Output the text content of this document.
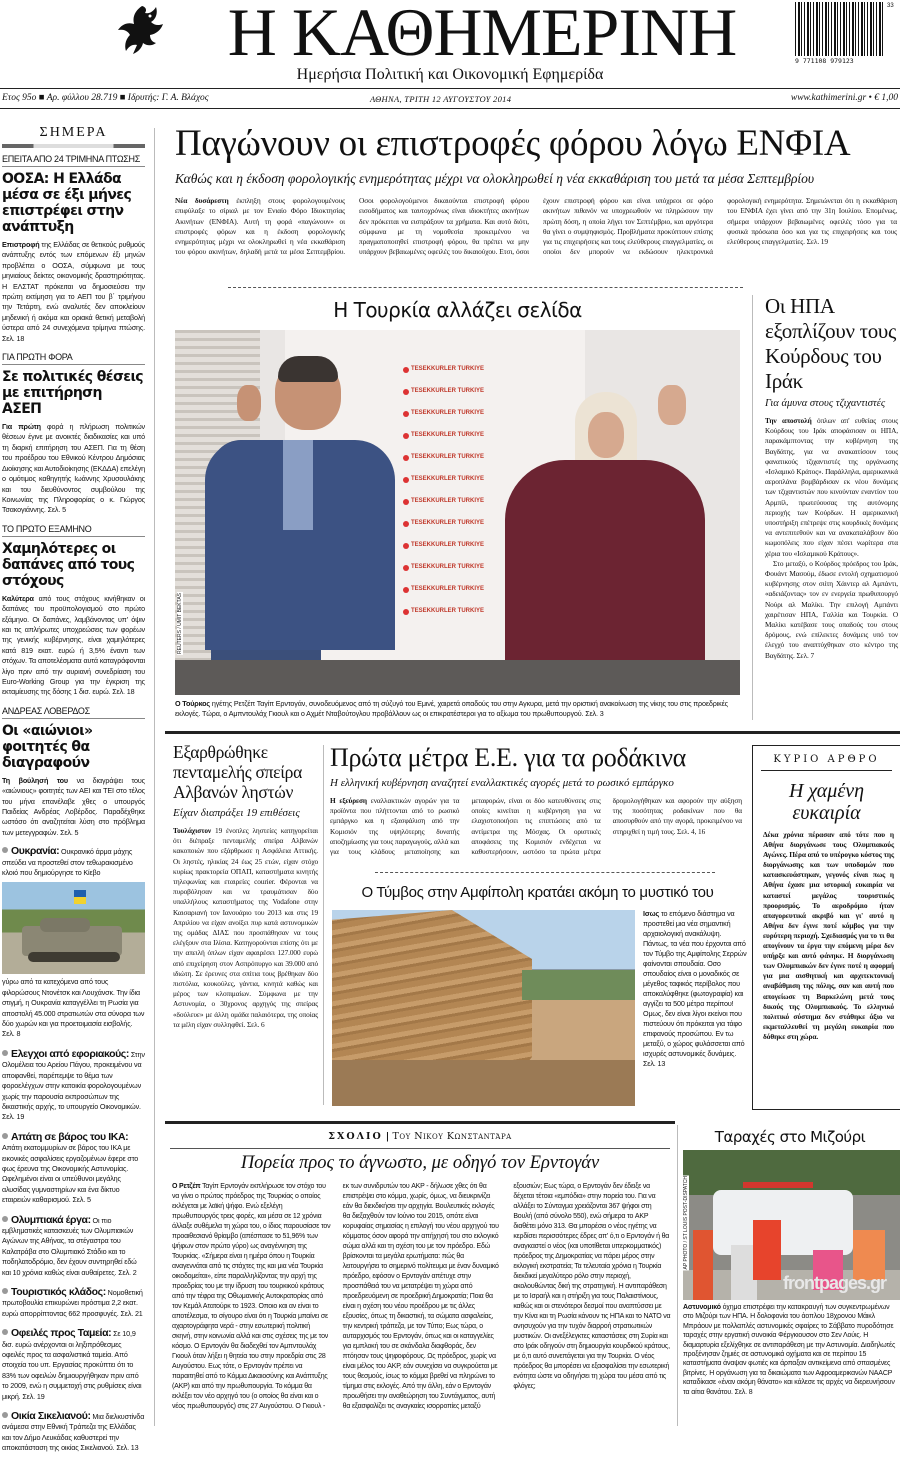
Η ΚΑΘΗΜΕΡΙΝΗ	33
9 771108 979123
Ημερήσια Πολιτική και Οικονομική Εφημερίδα
Ετος 95ο ■ Αρ. φύλλου 28.719 ■ Ιδρυτής: Γ. Α. Βλάχος	ΑΘΗΝΑ, ΤΡΙΤΗ 12 ΑΥΓΟΥΣΤΟΥ 2014	www.kathimerini.gr • € 1,00
ΣΗΜΕΡΑ
ΕΠΕΙΤΑ ΑΠΟ 24 ΤΡΙΜΗΝΑ ΠΤΩΣΗΣ
ΟΟΣΑ: Η Ελλάδα μέσα σε έξι μήνες επιστρέφει στην ανάπτυξη
Επιστροφή της Ελλάδας σε θετικούς ρυθμούς ανάπτυξης εντός των επόμενων έξι μηνών προβλέπει ο ΟΟΣΑ, σύμφωνα με τους μηνιαίους δείκτες οικονομικής δραστηριότητας. Η ΕΛΣΤΑΤ πρόκειται να δημοσιεύσει την πρώτη εκτίμηση για το ΑΕΠ του β΄ τριμήνου την Τετάρτη, ενώ αναλυτές δεν αποκλείουν μηδενική ή ακόμα και οριακά θετική μεταβολή ύστερα από 24 συνεχόμενα τρίμηνα πτώσης. Σελ. 18
ΓΙΑ ΠΡΩΤΗ ΦΟΡΑ
Σε πολιτικές θέσεις με επιτήρηση ΑΣΕΠ
Για πρώτη φορά η πλήρωση πολιτικών θέσεων έγινε με ανοικτές διαδικασίες και υπό τη διαρκή επιτήρηση του ΑΣΕΠ. Για τη θέση του προέδρου του Εθνικού Κέντρου Δημόσιας Διοίκησης και Αυτοδιοίκησης (ΕΚΔΔΑ) επελέγη ο ομότιμος καθηγητής Ιωάννης Χρυσουλάκης και του διευθύνοντος συμβούλου της Κοινωνίας της Πληροφορίας ο κ. Γιώργος Τσακογιάννης. Σελ. 5
ΤΟ ΠΡΩΤΟ ΕΞΑΜΗΝΟ
Χαμηλότερες οι δαπάνες από τους στόχους
Καλύτερα από τους στόχους κινήθηκαν οι δαπάνες του προϋπολογισμού στο πρώτο εξάμηνο. Οι δαπάνες, λαμβάνοντας υπ' όψιν και τις απλήρωτες υποχρεώσεις των φορέων της γενικής κυβέρνησης, είναι χαμηλότερες κατά 819 εκατ. ευρώ ή 3,5% έναντι των στόχων. Τα αποτελέσματα αυτά καταγράφονται λίγο πριν από την αυριανή συνεδρίαση του Euro-Working Group για την έγκριση της εκταμίευσης της δόσης 1 δισ. ευρώ. Σελ. 18
ΑΝΔΡΕΑΣ ΛΟΒΕΡΔΟΣ
Οι «αιώνιοι» φοιτητές θα διαγραφούν
Τη βούλησή του να διαγράψει τους «αιώνιους» φοιτητές των ΑΕΙ και ΤΕΙ στο τέλος του μήνα επανέλαβε χθες ο υπουργός Παιδείας Ανδρέας Λοβέρδος. Παραδέχθηκε ωστόσο ότι αναζητείται λύση στο πρόβλημα των μετεγγραφών. Σελ. 5
Ουκρανία: Ουκρανικό άρμα μάχης σπεύδει να προστεθεί στον τεθωρακισμένο κλοιό που δημιούργησε το Κίεβο
γύρω από τα κατεχόμενα από τους φιλορώσους Ντονέτσκ και Λουχάνσκ. Την ίδια στιγμή, η Ουκρανία καταγγέλλει τη Ρωσία για αποστολή 45.000 στρατιωτών στα σύνορα των δύο χωρών και για προετοιμασία εισβολής. Σελ. 8
Ελεγχοι από εφοριακούς: Στην Ολομέλεια του Αρείου Πάγου, προκειμένου να αποφανθεί, παρέπεμψε το θέμα των φοροελέγχων στην κατοικία φορολογουμένων χωρίς την παρουσία εκπροσώπων της δικαστικής αρχής, το υπουργείο Οικονομικών. Σελ. 19
Απάτη σε βάρος του ΙΚΑ: Απάτη εκατομμυρίων σε βάρος του ΙΚΑ με εικονικές ασφαλίσεις εργαζομένων έφερε στο φως έρευνα της Οικονομικής Αστυνομίας. Ωφελημένοι είναι οι υπεύθυνοι μεγάλης αλυσίδας γυμναστηρίων και ένα δίκτυο εταιρειών καθαρισμού. Σελ. 5
Ολυμπιακά έργα: Οι πιο εμβληματικές κατασκευές των Ολυμπιακών Αγώνων της Αθήνας, τα στέγαστρα του Καλατράβα στο Ολυμπιακό Στάδιο και το ποδηλατοδρόμιο, δεν έχουν συντηρηθεί εδώ και 10 χρόνια καθώς είναι αυθαίρετες. Σελ. 2
Τουριστικός κλάδος: Νομοθετική πρωτοβουλία επικυρώνει πρόστιμα 2,2 εκατ. ευρώ απορρίπτοντας 662 προσφυγές. Σελ. 21
Οφειλές προς Ταμεία: Σε 10,9 δισ. ευρώ ανέρχονται οι ληξιπρόθεσμες οφειλές προς τα ασφαλιστικά ταμεία. Από στοιχεία του υπ. Εργασίας προκύπτει ότι το 83% των οφειλών δημιουργήθηκαν πριν από το 2009, ενώ η συμμετοχή στις ρυθμίσεις είναι μικρή. Σελ. 19
Οικία Σικελιανού: Μια διελκυστίνδα ανάμεσα στην Εθνική Τράπεζα της Ελλάδας και τον Δήμο Λευκάδας καθυστερεί την αποκατάσταση της οικίας Σικελιανού. Σελ. 13
Παγώνουν οι επιστροφές φόρου λόγω ΕΝΦΙΑ
Καθώς και η έκδοση φορολογικής ενημερότητας μέχρι να ολοκληρωθεί η νέα εκκαθάριση του μετά τα μέσα Σεπτεμβρίου
Νέα δυσάρεστη έκπληξη στους φορολογουμένους επιφύλαξε το σίριαλ με τον Ενιαίο Φόρο Ιδιοκτησίας Ακινήτων (ΕΝΦΙΑ). Αυτή τη φορά «παγώνουν» οι επιστροφές φόρων και η έκδοση φορολογικής ενημερότητας μέχρι να ολοκληρωθεί η νέα εκκαθάριση του φόρου ακινήτων, δηλαδή μετά τα μέσα Σεπτεμβρίου. Οσοι φορολογούμενοι δικαιούνται επιστροφή φόρου εισοδήματος και ταυτοχρόνως είναι ιδιοκτήτες ακινήτων δεν πρόκειται να εισπράξουν τα χρήματα. Και αυτό διότι, σύμφωνα με τη νομοθεσία προκειμένου να πραγματοποιηθεί επιστροφή φόρου, θα πρέπει να μην υπάρχουν βεβαιωμένες οφειλές του δικαιούχου. Ετσι, όσοι έχουν επιστροφή φόρου και είναι υπόχρεοι σε φόρο ακινήτων πιθανόν να υποχρεωθούν να πληρώσουν την πρώτη δόση, η οποία λήγει τον Σεπτέμβριο, και αργότερα θα γίνει ο συμψηφισμός. Προβλήματα προκύπτουν επίσης για τις επιχειρήσεις και τους ελεύθερους επαγγελματίες, οι οποίοι δεν μπορούν να εκδώσουν ηλεκτρονικά φορολογική ενημερότητα. Σημειώνεται ότι η εκκαθάριση του ΕΝΦΙΑ έχει γίνει από την 31η Ιουλίου. Επομένως, σήμερα υπάρχουν βεβαιωμένες οφειλές τόσο για τα φυσικά πρόσωπα όσο και για τις επιχειρήσεις και τους ελεύθερους επαγγελματίες. Σελ. 19
Η Τουρκία αλλάζει σελίδα
TESEKKURLER TURKIYE
TESEKKURLER TURKIYE
TESEKKURLER TURKIYE
TESEKKURLER TURKIYE
TESEKKURLER TURKIYE
TESEKKURLER TURKIYE
TESEKKURLER TURKIYE
TESEKKURLER TURKIYE
TESEKKURLER TURKIYE
TESEKKURLER TURKIYE
TESEKKURLER TURKIYE
TESEKKURLER TURKIYE
REUTERS / UMIT BEKTAS
Ο Τούρκος ηγέτης Ρετζέπ Ταγίπ Ερντογάν, συνοδευόμενος από τη σύζυγό του Εμινέ, χαιρετά οπαδούς του στην Αγκυρα, μετά την οριστική ανακοίνωση της νίκης του στις προεδρικές εκλογές. Τώρα, ο Αμπντουλάχ Γκιουλ και ο Αχμέτ Νταβούτογλου προβάλλουν ως οι επικρατέστεροι για το αξίωμα του πρωθυπουργού. Σελ. 3
Οι ΗΠΑ εξοπλίζουν τους Κούρδους του Ιράκ
Για άμυνα στους τζιχαντιστές
Την αποστολή όπλων απ' ευθείας στους Κούρδους του Ιράκ αποφάσισαν οι ΗΠΑ, παρακάμπτοντας την κυβέρνηση της Βαγδάτης, για να ανακαιτίσουν τους φανατικούς τζιχαντιστές της οργάνωσης «Ισλαμικό Κράτος». Παράλληλα, αμερικανικά αεροπλάνα βομβάρδισαν εκ νέου δυνάμεις των τζιχαντιστών που κινούνταν εναντίον του Αρμπίλ, πρωτεύουσας της αυτόνομης περιοχής των Κούρδων. Η αμερικανική υποστήριξη επέτρεψε στις κουρδικές δυνάμεις να αντεπιτεθούν και να ανακαταλάβουν δύο κωμοπόλεις που είχαν πέσει νωρίτερα στα χέρια του «Ισλαμικού Κράτους».
Στο μεταξύ, ο Κούρδος πρόεδρος του Ιράκ, Φουάντ Μασούμ, έδωσε εντολή σχηματισμού κυβέρνησης στον σιίτη Χάιντερ αλ Αμπάντι, «αδειάζοντας» τον εν ενεργεία πρωθυπουργό Νούρι αλ Μαλίκι. Την επιλογή Αμπάντι χαιρέτισαν ΗΠΑ, Γαλλία και Τουρκία. Ο Μαλίκι κατέβασε τους οπαδούς του στους δρόμους, ενώ επίλεκτες δυνάμεις υπό τον έλεγχό του αναπτύχθηκαν στο κέντρο της Βαγδάτης. Σελ. 7
Εξαρθρώθηκε πενταμελής σπείρα Αλβανών ληστών
Είχαν διαπράξει 19 επιθέσεις
Τουλάχιστον 19 ένοπλες ληστείες κατηγορείται ότι διέπραξε πενταμελής σπείρα Αλβανών κακοποιών που εξάρθρωσε η Ασφάλεια Αττικής. Οι ληστές, ηλικίας 24 έως 25 ετών, είχαν στόχο κυρίως πρακτορεία ΟΠΑΠ, καταστήματα κινητής τηλεφωνίας και εταιρείες courier. Φέρονται να πυροβόλησαν και να τραυμάτισαν δύο υπαλλήλους καταστήματος της Vodafone στην Καισαριανή τον Ιανουάριο του 2013 και στις 19 Απριλίου να είχαν ανοίξει πυρ κατά αστυνομικών της ομάδας ΔΙΑΣ που προσπάθησαν να τους ελέγξουν στα Ιλίσια. Κατηγορούνται επίσης ότι με την απειλή όπλων είχαν αφαιρέσει 127.000 ευρώ από επιχείρηση στον Ασπρόπυργο και 39.000 από ιδιώτη. Σε έρευνες στα σπίτια τους βρέθηκαν δύο πιστόλια, κουκούλες, γάντια, κινητά καθώς και μέρος των κλοπιμαίων. Σύμφωνα με την Αστυνομία, ο 30χρονος αρχηγός της σπείρας «δούλευε» με άλλη ομάδα παλαιότερα, της οποίας τα μέλη είχαν συλληφθεί. Σελ. 6
Πρώτα μέτρα Ε.Ε. για τα ροδάκινα
Η ελληνική κυβέρνηση αναζητεί εναλλακτικές αγορές μετά το ρωσικό εμπάργκο
Η εξεύρεση εναλλακτικών αγορών για τα προϊόντα που πλήττονται από το ρωσικό εμπάργκο και η εξασφάλιση από την Κομισιόν της υψηλότερης δυνατής αποζημίωσης για τους παραγωγούς, αλλά και για τους κλάδους μεταποίησης και μεταφορών, είναι οι δύο κατευθύνσεις στις οποίες κινείται η κυβέρνηση για να ελαχιστοποιήσει τις επιπτώσεις από τα αντίμετρα της Μόσχας. Οι οριστικές αποφάσεις της Κομισιόν ενδέχεται να καθυστερήσουν, ωστόσο τα πρώτα μέτρα δρομολογήθηκαν και αφορούν την αύξηση της ποσότητας ροδακίνων που θα αποσυρθούν από την αγορά, προκειμένου να στηριχθεί η τιμή τους. Σελ. 4, 16
Ο Τύμβος στην Αμφίπολη κρατάει ακόμη το μυστικό του
Ισως το επόμενο διάστημα να προστεθεί μια νέα σημαντική αρχαιολογική ανακάλυψη. Πάντως, τα νέα που έρχονται από τον Τύμβο της Αμφίπολης Σερρών φαίνονται σπουδαία. Οσο σπουδαίος είναι ο μοναδικός σε μέγεθος ταφικός περίβολος που αποκαλύφθηκε (φωτογραφία) και αγγίζει τα 500 μέτρα περίπου! Ομως, δεν είναι λίγοι εκείνοι που πιστεύουν ότι πρόκειται για τάφο επιφανούς προσώπου. Εν τω μεταξύ, ο χώρος φυλάσσεται από ισχυρές αστυνομικές δυνάμεις. Σελ. 13
ΚΥΡΙΟ ΑΡΘΡΟ
Η χαμένη ευκαιρία
Δέκα χρόνια πέρασαν από τότε που η Αθήνα διοργάνωσε τους Ολυμπιακούς Αγώνες. Πέρα από το υπέρογκο κόστος της διοργάνωσης και των υποδομών που κατασκευάστηκαν, γεγονός είναι πως η Αθήνα έχασε μια ιστορική ευκαιρία να καταστεί μεγάλος τουριστικός προορισμός. Το αεροδρόμιο ήταν απαγορευτικά ακριβό και γι' αυτό η Αθήνα δεν έγινε ποτέ κόμβος για την ευρύτερη περιοχή. Σχεδιασμός για το τι θα απογίνουν τα έργα την επόμενη μέρα δεν υπήρξε και αυτό φάνηκε. Η διοργάνωση των Ολυμπιακών δεν έγινε ποτέ η αφορμή για μια αισθητική και αρχιτεκτονική αναβάθμιση της πόλης, σαν και αυτή που απογείωσε τη Βαρκελώνη μετά τους δικούς της Ολυμπιακούς. Το ελληνικό πολιτικό σύστημα δεν στάθηκε άξιο να εκμεταλλευθεί τη μεγάλη ευκαιρία που δόθηκε στη χώρα.
ΣΧΟΛΙΟ | Του Νικου Κωνσταντάρα
Πορεία προς το άγνωστο, με οδηγό τον Ερντογάν
Ο Ρετζέπ Ταγίπ Ερντογάν εκπλήρωσε τον στόχο του να γίνει ο πρώτος πρόεδρος της Τουρκίας ο οποίος εκλέγεται με λαϊκή ψήφο. Ενώ εξελέγη πρωθυπουργός τρεις φορές, και μέσα σε 12 χρόνια άλλαξε συθέμελα τη χώρα του, ο ίδιος παρουσίασε τον προαιθεσιανό θρίαμβο (απέσπασε το 51,96% των ψήφων στον πρώτο γύρο) ως αναγέννηση της Τουρκίας. «Σήμερα είναι η ημέρα όπου η Τουρκία αναγεννάται από τις στάχτες της και μια νέα Τουρκία οικοδομείται», είπε παραλληλίζοντας την αρχή της προεδρίας του με την ίδρυση του τουρκικού κράτους από την τέφρα της Οθωμανικής Αυτοκρατορίας από τον Κεμάλ Ατατούρκ το 1923. Οποιο και αν είναι το αποτέλεσμα, το σίγουρο είναι ότι η Τουρκία μπαίνει σε αχαρτογράφητα νερά - στην εσωτερική πολιτική σκηνή, στην κοινωνία αλλά και στις σχέσεις της με τον κόσμο. Ο Ερντογάν θα διαδεχθεί τον Αμπντουλάχ Γκιουλ όταν λήξει η θητεία του στην προεδρία στις 28 Αυγούστου. Εως τότε, ο Ερντογάν πρέπει να παραιτηθεί από το Κόμμα Δικαιοσύνης και Ανάπτυξης (AKP) και από την πρωθυπουργία. Το κόμμα θα εκλέξει τον νέο αρχηγό του (ο οποίος θα είναι και ο νέος πρωθυπουργός) στις 27 Αυγούστου. Ο Γκιουλ - εκ των συνιδρυτών του AKP - δήλωσε χθες ότι θα επιστρέψει στο κόμμα, χωρίς, όμως, να διευκρινίζει εάν θα διεκδικήσει την αρχηγία. Βουλευτικές εκλογές θα διεξαχθούν τον Ιούνιο του 2015, οπότε είναι κορυφαίας σημασίας η επιλογή του νέου αρχηγού του κόμματος όσον αφορά την απήχησή του στο εκλογικό σώμα αλλά και τη σχέση του με τον πρόεδρο. Εδώ βρίσκονται τα μεγάλα ερωτήματα: πώς θα λειτουργήσει το σημερινό πολίτευμα με έναν δυναμικό πρόεδρο, εφόσον ο Ερντογάν απέτυχε στην προσπάθειά του να μετατρέψει τη χώρα από προεδρευόμενη σε προεδρική Δημοκρατία; Ποια θα είναι η σχέση του νέου προέδρου με τις άλλες εξουσίες, όπως τη δικαστική, τα σώματα ασφαλείας, την κεντρική τράπεζα, με τον Τύπο; Εως τώρα, ο αυταρχισμός του Ερντογάν, όπως και οι καταγγελίες για εμπλοκή του σε σκάνδαλα διαφθοράς, δεν πτόησαν τους ψηφοφόρους. Ως πρόεδρος, χωρίς να είναι μέλος του AKP, εάν συνεχίσει να συγκρούεται με τους θεσμούς, ίσως το κόμμα βρεθεί να πληρώνει το τίμημα στις εκλογές. Από την άλλη, εάν ο Ερντογάν προωθήσει την αναθεώρηση του Συντάγματος, αυτή θα εξασφαλίζει τις αναγκαίες ισορροπίες μεταξύ εξουσιών; Εως τώρα, ο Ερντογάν δεν έδειξε να δέχεται τέτοια «εμπόδια» στην πορεία του. Για να αλλάξει το Σύνταγμα χρειάζονται 367 ψήφοι στη Βουλή (από σύνολο 550), ενώ σήμερα το AKP διαθέτει μόνο 313. Θα μπορέσει ο νέος ηγέτης να κερδίσει περισσότερες έδρες απ' ό,τι ο Ερντογάν ή θα αναγκαστεί ο νέος (και υποτίθεται υπερκομματικός) πρόεδρος της Δημοκρατίας να πάρει μέρος στην εκλογική εκστρατεία; Τα τελευταία χρόνια η Τουρκία διεκδικεί μεγαλύτερο ρόλο στην περιοχή, ακολουθώντας δική της στρατηγική. Η αντιπαράθεση με το Ισραήλ και η στήριξη για τους Παλαιστίνιους, καθώς και οι στενότεροι δεσμοί που αναπτύσσει με την Κίνα και τη Ρωσία κάνουν τις ΗΠΑ και το ΝΑΤΟ να ανησυχούν για την τυχόν διαρροή στρατιωτικών μυστικών. Οι ανεξέλεγκτες καταστάσεις στη Συρία και στο Ιράκ οδηγούν στη δημιουργία κουρδικού κράτους, με ό,τι αυτό συνεπάγεται για την Τουρκία. Ο νέος πρόεδρος θα μπορέσει να εξασφαλίσει την εσωτερική ενότητα ώστε να οδηγήσει τη χώρα του μέσα από τις φλόγες;
Ταραχές στο Μιζούρι
AP PHOTO / ST LOUIS POST-DISPATCH
frontpages.gr
Αστυνομικό όχημα επιστρέφει την κατακραυγή των συγκεντρωμένων στο Μιζούρι των ΗΠΑ. Η δολοφονία του άοπλου 18χρονου Μάικλ Μπράουν με πολλαπλές αστυνομικές σφαίρες το Σάββατο πυροδότησε ταραχές στην εργατική συνοικία Φέργκιουσον στο Σεν Λούις. Η διαμαρτυρία εξελίχθηκε σε αντιπαράθεση με την Αστυνομία. Διαδηλωτές προξένησαν ζημιές σε αστυνομικά οχήματα και σε περίπου 15 καταστήματα άναψαν φωτιές και άρπαξαν αντικείμενα από σπασμένες βιτρίνες. Η οργάνωση για τα δικαιώματα των Αφροαμερικανών NAACP καταδίκασε «έναν ακόμη θάνατο» και κάλεσε τις αρχές να διερευνήσουν τα αίτια θανάτου. Σελ. 8
